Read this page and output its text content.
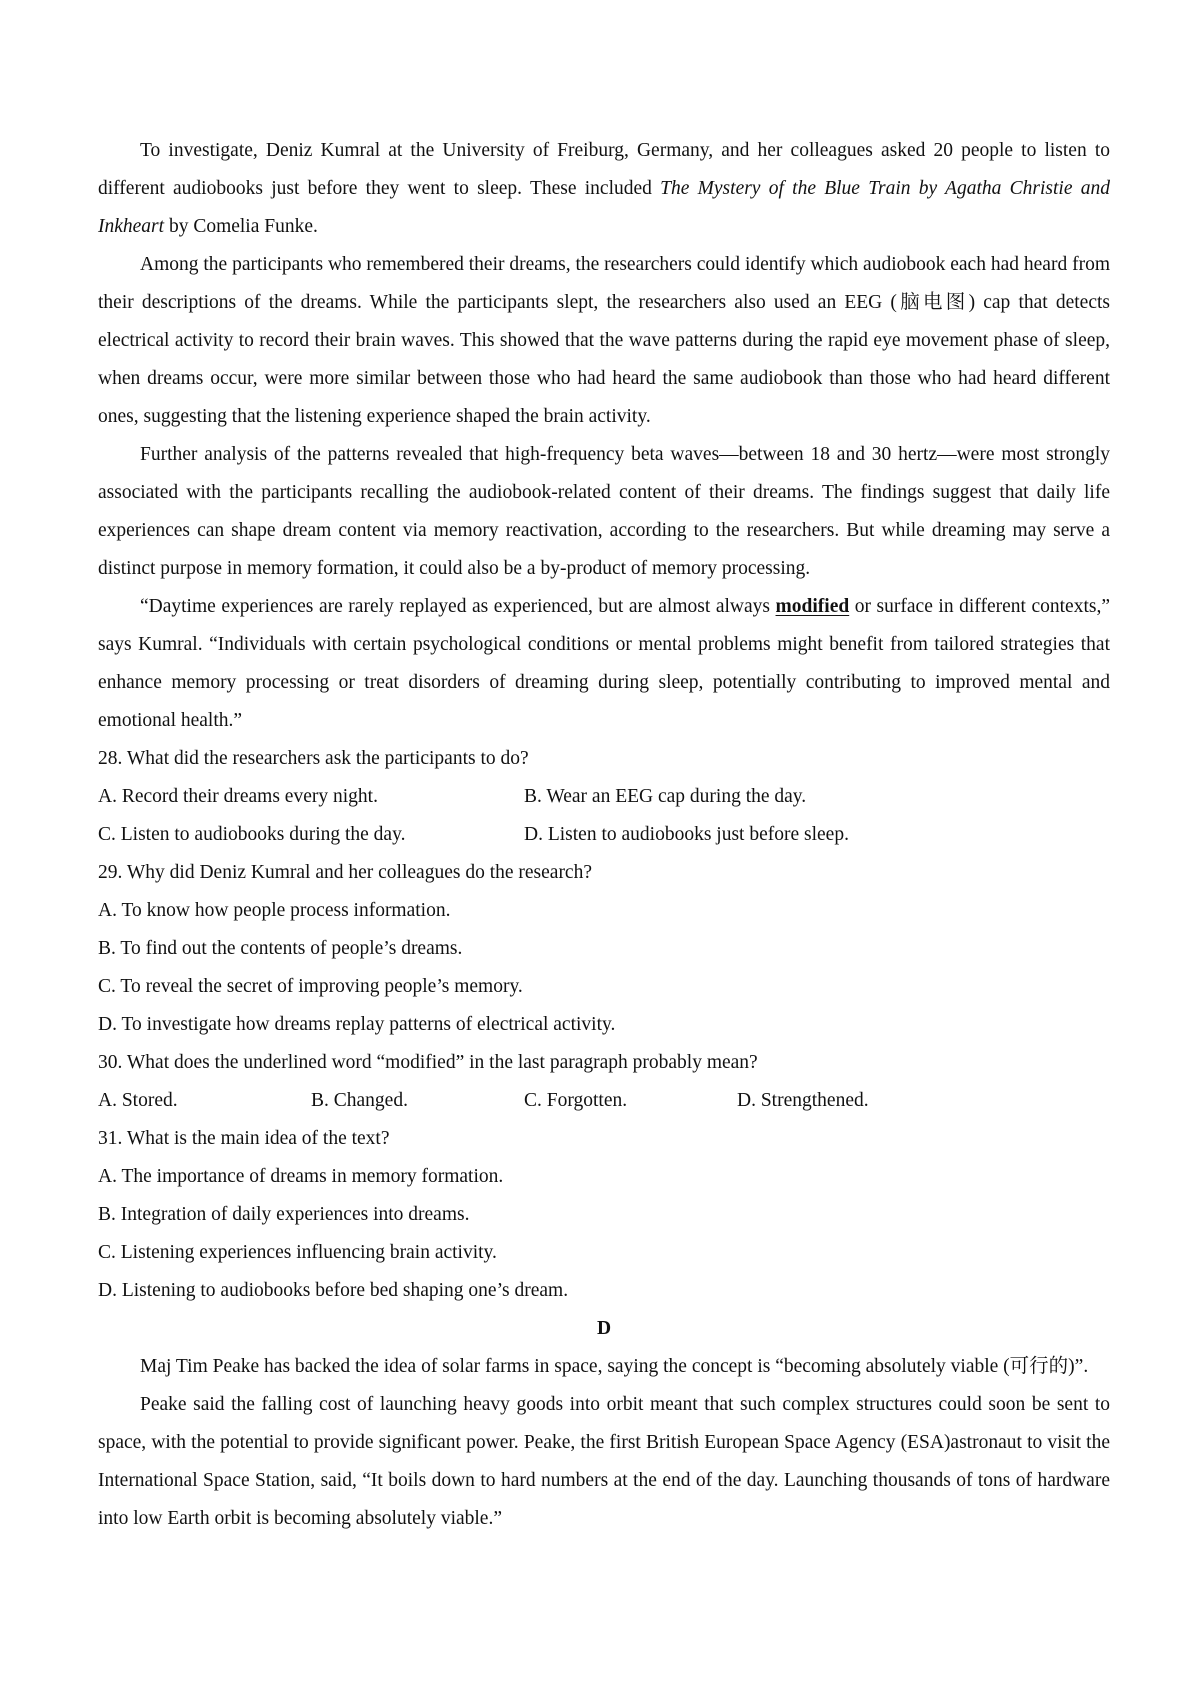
To investigate, Deniz Kumral at the University of Freiburg, Germany, and her colleagues asked 20 people to listen to different audiobooks just before they went to sleep. These included The Mystery of the Blue Train by Agatha Christie and Inkheart by Comelia Funke.

Among the participants who remembered their dreams, the researchers could identify which audiobook each had heard from their descriptions of the dreams. While the participants slept, the researchers also used an EEG (脑电图) cap that detects electrical activity to record their brain waves. This showed that the wave patterns during the rapid eye movement phase of sleep, when dreams occur, were more similar between those who had heard the same audiobook than those who had heard different ones, suggesting that the listening experience shaped the brain activity.

Further analysis of the patterns revealed that high-frequency beta waves—between 18 and 30 hertz—were most strongly associated with the participants recalling the audiobook-related content of their dreams. The findings suggest that daily life experiences can shape dream content via memory reactivation, according to the researchers. But while dreaming may serve a distinct purpose in memory formation, it could also be a by-product of memory processing.

“Daytime experiences are rarely replayed as experienced, but are almost always modified or surface in different contexts,” says Kumral. “Individuals with certain psychological conditions or mental problems might benefit from tailored strategies that enhance memory processing or treat disorders of dreaming during sleep, potentially contributing to improved mental and emotional health.”

28. What did the researchers ask the participants to do?

A. Record their dreams every night.	B. Wear an EEG cap during the day.
C. Listen to audiobooks during the day.	D. Listen to audiobooks just before sleep.

29. Why did Deniz Kumral and her colleagues do the research?

A. To know how people process information.

B. To find out the contents of people’s dreams.

C. To reveal the secret of improving people’s memory.

D. To investigate how dreams replay patterns of electrical activity.

30. What does the underlined word “modified” in the last paragraph probably mean?

A. Stored.	B. Changed.	C. Forgotten.	D. Strengthened.

31. What is the main idea of the text?

A. The importance of dreams in memory formation.

B. Integration of daily experiences into dreams.

C. Listening experiences influencing brain activity.

D. Listening to audiobooks before bed shaping one’s dream.

D

Maj Tim Peake has backed the idea of solar farms in space, saying the concept is “becoming absolutely viable (可行的)”.

Peake said the falling cost of launching heavy goods into orbit meant that such complex structures could soon be sent to space, with the potential to provide significant power. Peake, the first British European Space Agency (ESA)astronaut to visit the International Space Station, said, “It boils down to hard numbers at the end of the day. Launching thousands of tons of hardware into low Earth orbit is becoming absolutely viable.”
